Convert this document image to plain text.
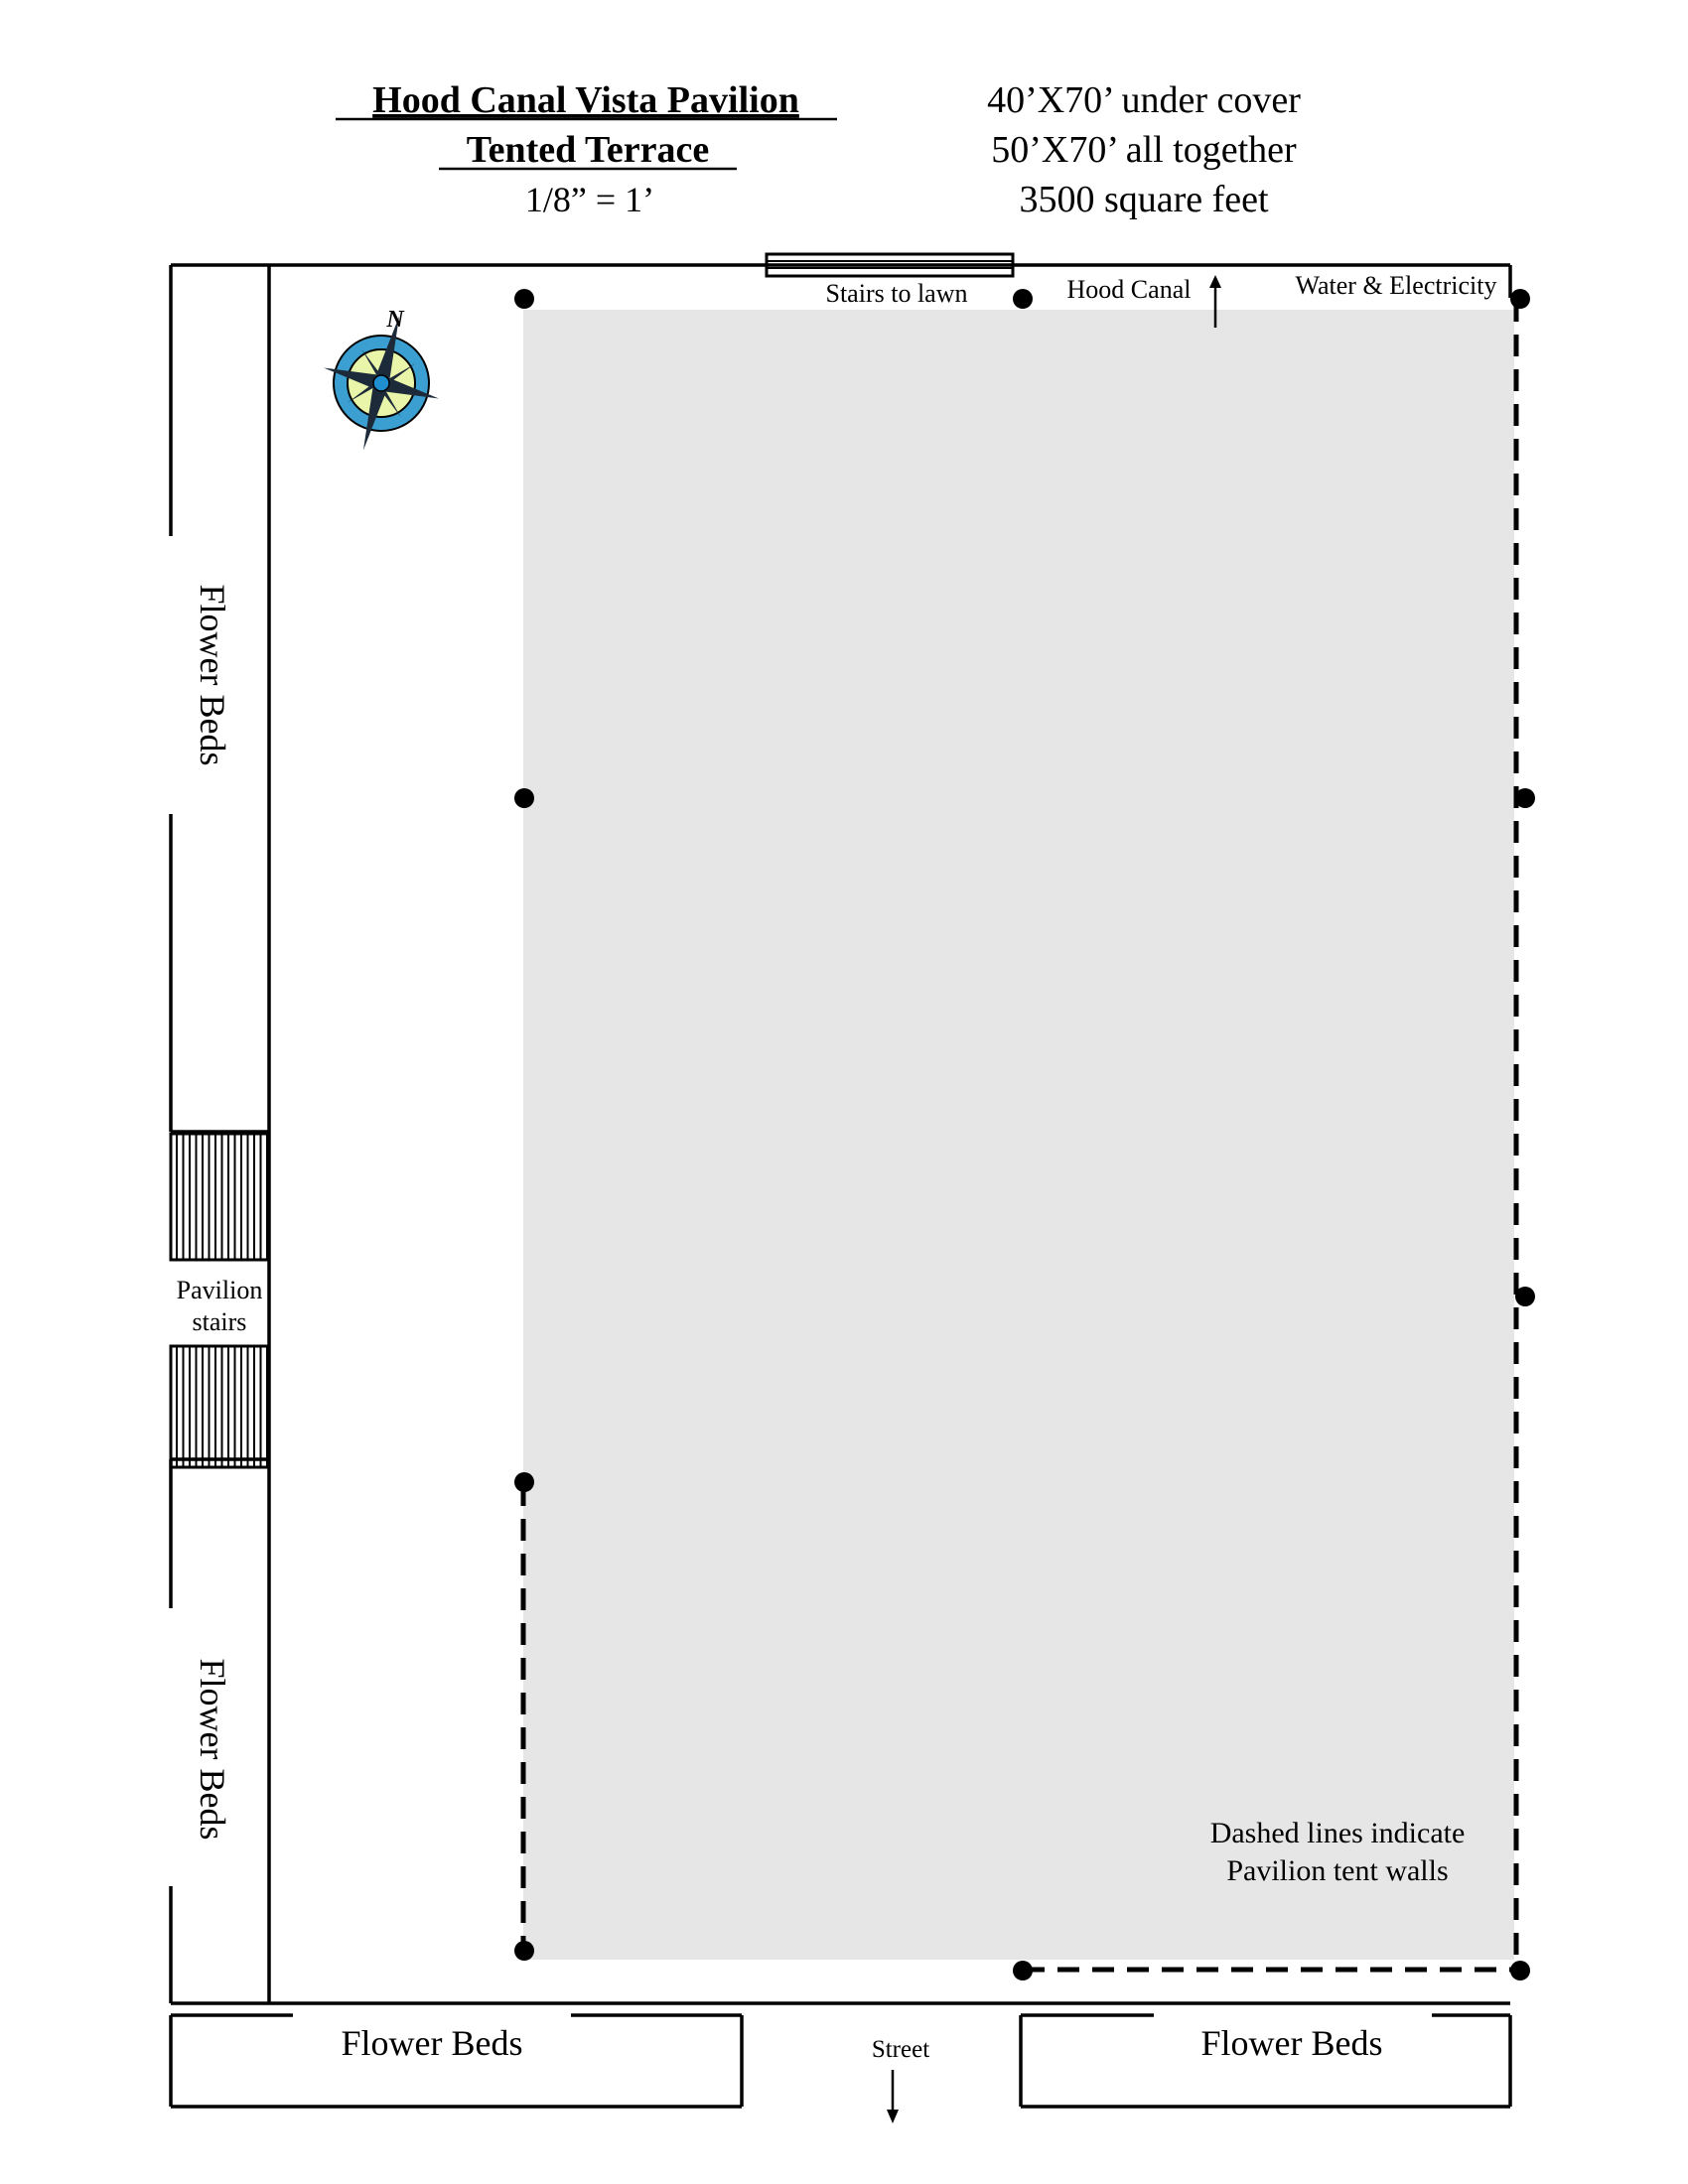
Hood Canal Vista Pavilion
Tented Terrace
1/8” = 1’
40’X70’ under cover
50’X70’ all together
3500 square feet
Stairs to lawn	Hood Canal	Water & Electricity
N
Flower Beds
Flower Beds
Pavilion
stairs
Flower Beds	Flower Beds
Street
Dashed lines indicate
Pavilion tent walls
